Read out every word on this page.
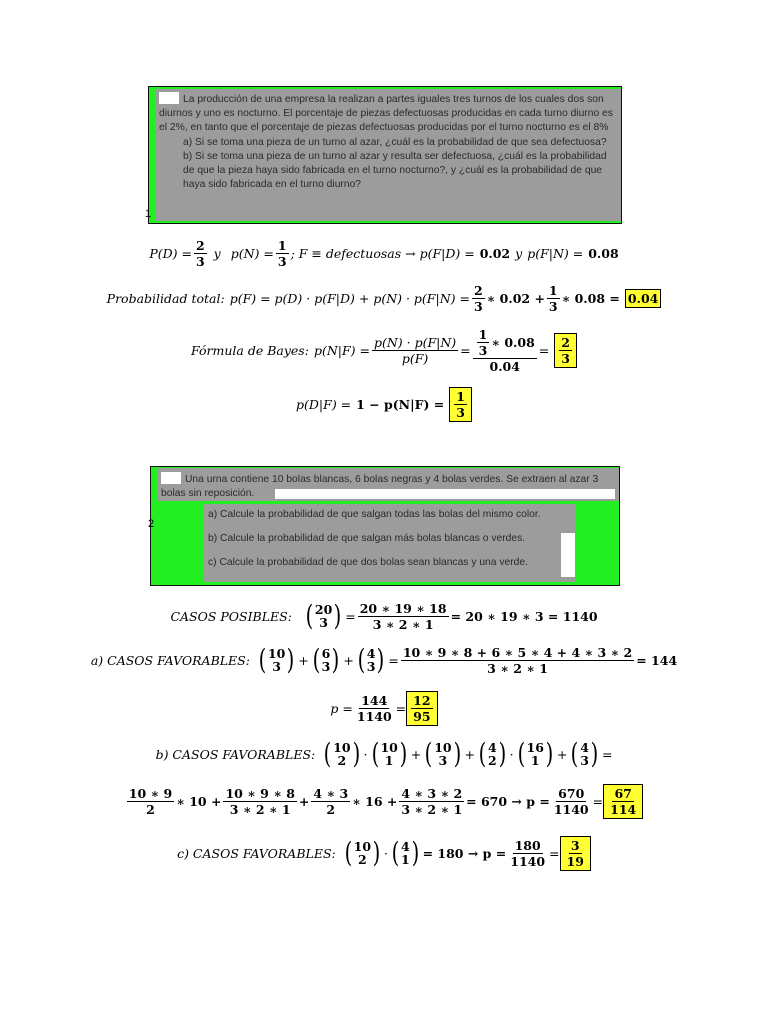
La producción de una empresa la realizan a partes iguales tres turnos de los cuales dos son diurnos y uno es nocturno. El porcentaje de piezas defectuosas producidas en cada turno diurno es el 2%, en tanto que el porcentaje de piezas defectuosas producidas por el turno nocturno es el 8%

a) Si se toma una pieza de un turno al azar, ¿cuál es la probabilidad de que sea defectuosa?

b) Si se toma una pieza de un turno al azar y resulta ser defectuosa, ¿cuál es la probabilidad de que la pieza haya sido fabricada en el turno nocturno?, y ¿cuál es la probabilidad de que haya sido fabricada en el turno diurno?

1
$P(D) = \frac{2}{3}$ y $p(N) = \frac{1}{3}$ ; F ≡ defectuosas → p(F|D) = 0.02 y p(F|N) = 0.08
Probabilidad total: $p(F) = p(D) \cdot p(F|D) + p(N) \cdot p(F|N) = \frac{2}{3}$ ∗ $0.02 + \frac{1}{3}$ ∗ 0.08 = 0.04
Fórmula de Bayes: $p(N|F) = \frac{p(N) \cdot p(F|N)}{p(F)} = \frac{\frac{1}{3} ∗ 0.08}{0.04} = \frac{2}{3}$
$p(D|F) = 1 - p(N|F) = \frac{1}{3}$

Una urna contiene 10 bolas blancas, 6 bolas negras y 4 bolas verdes. Se extraen al azar 3 bolas sin reposición.

a) Calcule la probabilidad de que salgan todas las bolas del mismo color.

b) Calcule la probabilidad de que salgan más bolas blancas o verdes.

c) Calcule la probabilidad de que dos bolas sean blancas y una verde.

2
CASOS POSIBLES: ( 20
3 ) = $\frac{20 ∗ 19 ∗ 18}{3 ∗ 2 ∗ 1} = 20$ ∗ 19 ∗ 3 = 1140
a) CASOS FAVORABLES: ( 10
3 ) + ( 6
3 ) + ( 4
3 ) = $\frac{10 ∗ 9 ∗ 8 + 6 ∗ 5 ∗ 4 + 4 ∗ 3 ∗ 2}{3 ∗ 2 ∗ 1} = 144$
$p = \frac{144}{1140} = \frac{12}{95}$
b) CASOS FAVORABLES: ( 10
2 ) · ( 10
1 ) + ( 10
3 ) + ( 4
2 ) · ( 16
1 ) + ( 4
3 ) =
$\frac{10 ∗ 9}{2}$ ∗ $10 + \frac{10 ∗ 9 ∗ 8}{3 ∗ 2 ∗ 1} + \frac{4 ∗ 3}{2}$ ∗ $16 + \frac{4 ∗ 3 ∗ 2}{3 ∗ 2 ∗ 1} = 670 \to p = \frac{670}{1140} = \frac{67}{114}$
c) CASOS FAVORABLES: ( 10
2 ) · ( 4
1 ) = $180 \to p = \frac{180}{1140} = \frac{3}{19}$
